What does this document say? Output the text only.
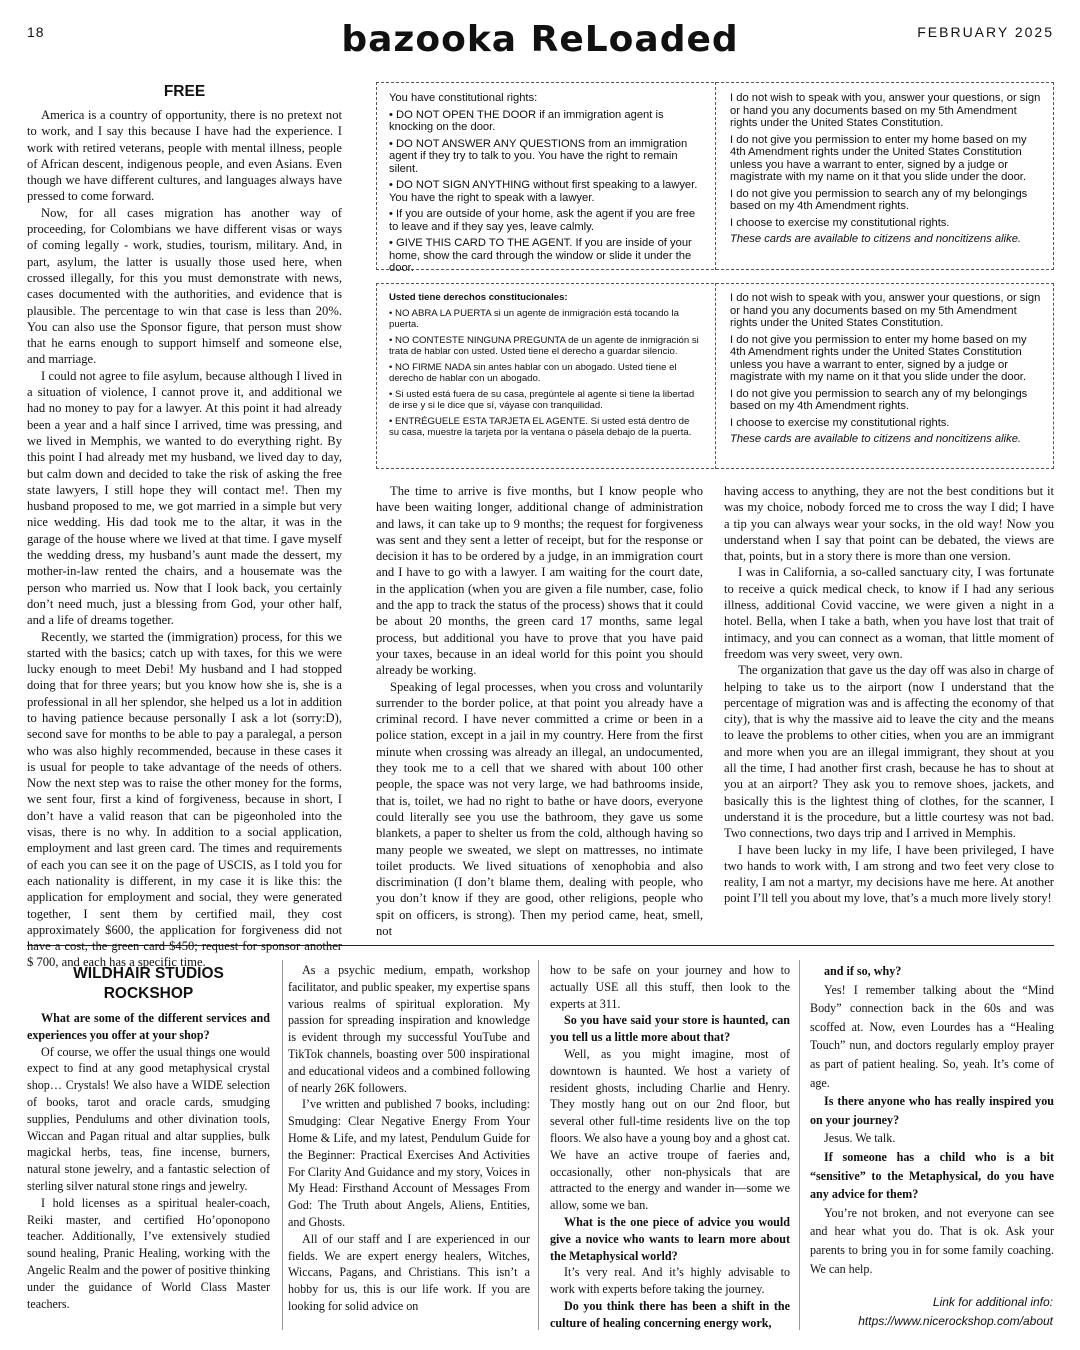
18	bazooka ReLoaded	FEBRUARY 2025
FREE

America is a country of opportunity, there is no pretext not to work, and I say this because I have had the experience. I work with retired veterans, people with mental illness, people of African descent, indigenous people, and even Asians. Even though we have different cultures, and languages always have pressed to come forward.

Now, for all cases migration has another way of proceeding, for Colombians we have different visas or ways of coming legally - work, studies, tourism, military. And, in part, asylum, the latter is usually those used here, when crossed illegally, for this you must demonstrate with news, cases documented with the authorities, and evidence that is plausible. The percentage to win that case is less than 20%. You can also use the Sponsor figure, that person must show that he earns enough to support himself and someone else, and marriage.

I could not agree to file asylum, because although I lived in a situation of violence, I cannot prove it, and additional we had no money to pay for a lawyer. At this point it had already been a year and a half since I arrived, time was pressing, and we lived in Memphis, we wanted to do everything right. By this point I had already met my husband, we lived day to day, but calm down and decided to take the risk of asking the free state lawyers, I still hope they will contact me!. Then my husband proposed to me, we got married in a simple but very nice wedding. His dad took me to the altar, it was in the garage of the house where we lived at that time. I gave myself the wedding dress, my husband’s aunt made the dessert, my mother-in-law rented the chairs, and a housemate was the person who married us. Now that I look back, you certainly don’t need much, just a blessing from God, your other half, and a life of dreams together.

Recently, we started the (immigration) process, for this we started with the basics; catch up with taxes, for this we were lucky enough to meet Debi! My husband and I had stopped doing that for three years; but you know how she is, she is a professional in all her splendor, she helped us a lot in addition to having patience because personally I ask a lot (sorry:D), second save for months to be able to pay a paralegal, a person who was also highly recommended, because in these cases it is usual for people to take advantage of the needs of others. Now the next step was to raise the other money for the forms, we sent four, first a kind of forgiveness, because in short, I don’t have a valid reason that can be pigeonholed into the visas, there is no why. In addition to a social application, employment and last green card. The times and requirements of each you can see it on the page of USCIS, as I told you for each nationality is different, in my case it is like this: the application for employment and social, they were generated together, I sent them by certified mail, they cost approximately $600, the application for forgiveness did not have a cost, the green card $450; request for sponsor another $ 700, and each has a specific time.

You have constitutional rights:

• DO NOT OPEN THE DOOR if an immigration agent is knocking on the door.

• DO NOT ANSWER ANY QUESTIONS from an immigration agent if they try to talk to you. You have the right to remain silent.

• DO NOT SIGN ANYTHING without first speaking to a lawyer. You have the right to speak with a lawyer.

• If you are outside of your home, ask the agent if you are free to leave and if they say yes, leave calmly.

• GIVE THIS CARD TO THE AGENT. If you are inside of your home, show the card through the window or slide it under the door.

I do not wish to speak with you, answer your questions, or sign or hand you any documents based on my 5th Amendment rights under the United States Constitution.

I do not give you permission to enter my home based on my 4th Amendment rights under the United States Constitution unless you have a warrant to enter, signed by a judge or magistrate with my name on it that you slide under the door.

I do not give you permission to search any of my belongings based on my 4th Amendment rights.

I choose to exercise my constitutional rights.

These cards are available to citizens and noncitizens alike.

Usted tiene derechos constitucionales:

• NO ABRA LA PUERTA si un agente de inmigración está tocando la puerta.

• NO CONTESTE NINGUNA PREGUNTA de un agente de inmigración si trata de hablar con usted. Usted tiene el derecho a guardar silencio.

• NO FIRME NADA sin antes hablar con un abogado. Usted tiene el derecho de hablar con un abogado.

• Si usted está fuera de su casa, pregúntele al agente si tiene la libertad de irse y si le dice que sí, váyase con tranquilidad.

• ENTRÉGUELE ESTA TARJETA EL AGENTE. Si usted está dentro de su casa, muestre la tarjeta por la ventana o pásela debajo de la puerta.

I do not wish to speak with you, answer your questions, or sign or hand you any documents based on my 5th Amendment rights under the United States Constitution.

I do not give you permission to enter my home based on my 4th Amendment rights under the United States Constitution unless you have a warrant to enter, signed by a judge or magistrate with my name on it that you slide under the door.

I do not give you permission to search any of my belongings based on my 4th Amendment rights.

I choose to exercise my constitutional rights.

These cards are available to citizens and noncitizens alike.

The time to arrive is five months, but I know people who have been waiting longer, additional change of administration and laws, it can take up to 9 months; the request for forgiveness was sent and they sent a letter of receipt, but for the response or decision it has to be ordered by a judge, in an immigration court and I have to go with a lawyer. I am waiting for the court date, in the application (when you are given a file number, case, folio and the app to track the status of the process) shows that it could be about 20 months, the green card 17 months, same legal process, but additional you have to prove that you have paid your taxes, because in an ideal world for this point you should already be working.

Speaking of legal processes, when you cross and voluntarily surrender to the border police, at that point you already have a criminal record. I have never committed a crime or been in a police station, except in a jail in my country. Here from the first minute when crossing was already an illegal, an undocumented, they took me to a cell that we shared with about 100 other people, the space was not very large, we had bathrooms inside, that is, toilet, we had no right to bathe or have doors, everyone could literally see you use the bathroom, they gave us some blankets, a paper to shelter us from the cold, although having so many people we sweated, we slept on mattresses, no intimate toilet products. We lived situations of xenophobia and also discrimination (I don’t blame them, dealing with people, who you don’t know if they are good, other religions, people who spit on officers, is strong). Then my period came, heat, smell, not

having access to anything, they are not the best conditions but it was my choice, nobody forced me to cross the way I did; I have a tip you can always wear your socks, in the old way! Now you understand when I say that point can be debated, the views are that, points, but in a story there is more than one version.

I was in California, a so-called sanctuary city, I was fortunate to receive a quick medical check, to know if I had any serious illness, additional Covid vaccine, we were given a night in a hotel. Bella, when I take a bath, when you have lost that trait of intimacy, and you can connect as a woman, that little moment of freedom was very sweet, very own.

The organization that gave us the day off was also in charge of helping to take us to the airport (now I understand that the percentage of migration was and is affecting the economy of that city), that is why the massive aid to leave the city and the means to leave the problems to other cities, when you are an immigrant and more when you are an illegal immigrant, they shout at you all the time, I had another first crash, because he has to shout at you at an airport? They ask you to remove shoes, jackets, and basically this is the lightest thing of clothes, for the scanner, I understand it is the procedure, but a little courtesy was not bad. Two connections, two days trip and I arrived in Memphis.

I have been lucky in my life, I have been privileged, I have two hands to work with, I am strong and two feet very close to reality, I am not a martyr, my decisions have me here. At another point I’ll tell you about my love, that’s a much more lively story!

WILDHAIR STUDIOS ROCKSHOP

What are some of the different services and experiences you offer at your shop?

Of course, we offer the usual things one would expect to find at any good metaphysical crystal shop… Crystals! We also have a WIDE selection of books, tarot and oracle cards, smudging supplies, Pendulums and other divination tools, Wiccan and Pagan ritual and altar supplies, bulk magickal herbs, teas, fine incense, burners, natural stone jewelry, and a fantastic selection of sterling silver natural stone rings and jewelry.

I hold licenses as a spiritual healer-coach, Reiki master, and certified Ho’oponopono teacher. Additionally, I’ve extensively studied sound healing, Pranic Healing, working with the Angelic Realm and the power of positive thinking under the guidance of World Class Master teachers.

As a psychic medium, empath, workshop facilitator, and public speaker, my expertise spans various realms of spiritual exploration. My passion for spreading inspiration and knowledge is evident through my successful YouTube and TikTok channels, boasting over 500 inspirational and educational videos and a combined following of nearly 26K followers.

I’ve written and published 7 books, including: Smudging: Clear Negative Energy From Your Home & Life, and my latest, Pendulum Guide for the Beginner: Practical Exercises And Activities For Clarity And Guidance and my story, Voices in My Head: Firsthand Account of Messages From God: The Truth about Angels, Aliens, Entities, and Ghosts.

All of our staff and I are experienced in our fields. We are expert energy healers, Witches, Wiccans, Pagans, and Christians. This isn’t a hobby for us, this is our life work. If you are looking for solid advice on

how to be safe on your journey and how to actually USE all this stuff, then look to the experts at 311.

So you have said your store is haunted, can you tell us a little more about that?

Well, as you might imagine, most of downtown is haunted. We host a variety of resident ghosts, including Charlie and Henry. They mostly hang out on our 2nd floor, but several other full-time residents live on the top floors. We also have a young boy and a ghost cat. We have an active troupe of faeries and, occasionally, other non-physicals that are attracted to the energy and wander in—some we allow, some we ban.

What is the one piece of advice you would give a novice who wants to learn more about the Metaphysical world?

It’s very real. And it’s highly advisable to work with experts before taking the journey.

Do you think there has been a shift in the culture of healing concerning energy work,

and if so, why?

Yes! I remember talking about the “Mind Body” connection back in the 60s and was scoffed at. Now, even Lourdes has a “Healing Touch” nun, and doctors regularly employ prayer as part of patient healing. So, yeah. It’s come of age.

Is there anyone who has really inspired you on your journey?

Jesus. We talk.

If someone has a child who is a bit “sensitive” to the Metaphysical, do you have any advice for them?

You’re not broken, and not everyone can see and hear what you do. That is ok. Ask your parents to bring you in for some family coaching. We can help.

Link for additional info:
https://www.nicerockshop.com/about
